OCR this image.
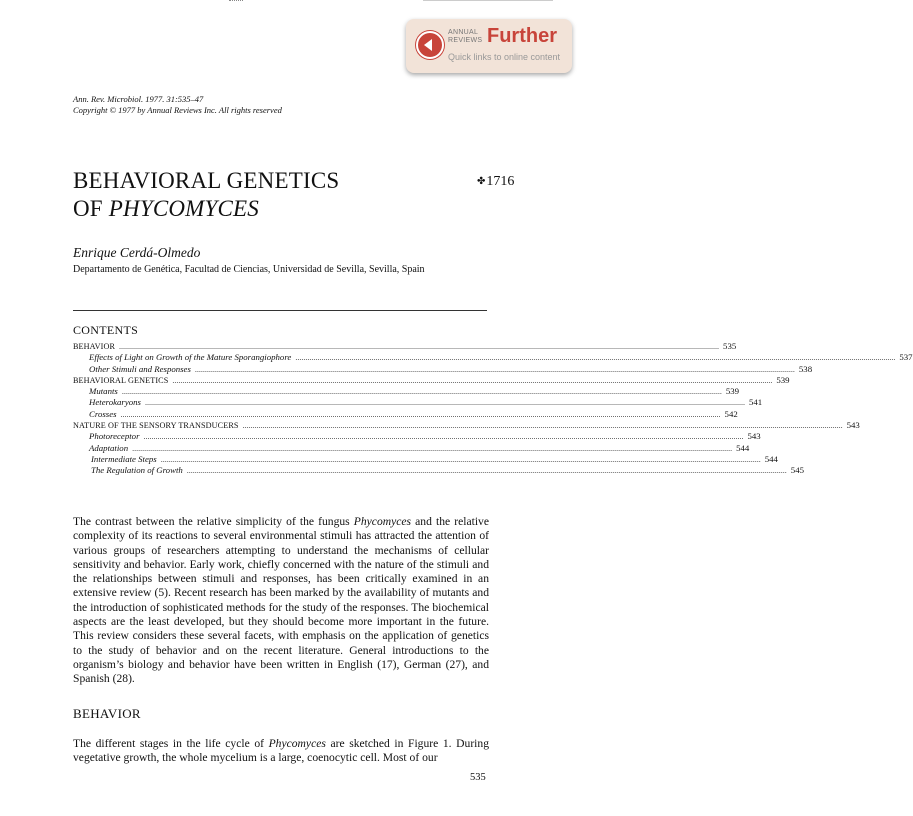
ANNUAL
REVIEWS Further
Quick links to online content
Ann. Rev. Microbiol. 1977. 31:535–47
Copyright © 1977 by Annual Reviews Inc. All rights reserved
BEHAVIORAL GENETICS
OF PHYCOMYCES
✤1716
Enrique Cerdá-Olmedo
Departamento de Genética, Facultad de Ciencias, Universidad de Sevilla, Sevilla, Spain
CONTENTS
BEHAVIOR ............................................................................................................................................................................................................................................................................................................ 535
Effects of Light on Growth of the Mature Sporangiophore ............................................................................................................................................................................................................................................................................................................ 537
Other Stimuli and Responses ............................................................................................................................................................................................................................................................................................................ 538
BEHAVIORAL GENETICS ............................................................................................................................................................................................................................................................................................................ 539
Mutants ............................................................................................................................................................................................................................................................................................................ 539
Heterokaryons ............................................................................................................................................................................................................................................................................................................ 541
Crosses ............................................................................................................................................................................................................................................................................................................ 542
NATURE OF THE SENSORY TRANSDUCERS ............................................................................................................................................................................................................................................................................................................ 543
Photoreceptor ............................................................................................................................................................................................................................................................................................................ 543
Adaptation ............................................................................................................................................................................................................................................................................................................ 544
Intermediate Steps ............................................................................................................................................................................................................................................................................................................ 544
The Regulation of Growth ............................................................................................................................................................................................................................................................................................................ 545
The contrast between the relative simplicity of the fungus Phycomyces and the relative complexity of its reactions to several environmental stimuli has attracted the attention of various groups of researchers attempting to understand the mechanisms of cellular sensitivity and behavior. Early work, chiefly concerned with the nature of the stimuli and the relationships between stimuli and responses, has been critically examined in an extensive review (5). Recent research has been marked by the availability of mutants and the introduction of sophisticated methods for the study of the responses. The biochemical aspects are the least developed, but they should become more important in the future. This review considers these several facets, with emphasis on the application of genetics to the study of behavior and on the recent literature. General introductions to the organism’s biology and behavior have been written in English (17), German (27), and Spanish (28).
BEHAVIOR
The different stages in the life cycle of Phycomyces are sketched in Figure 1. During vegetative growth, the whole mycelium is a large, coenocytic cell. Most of our
535
